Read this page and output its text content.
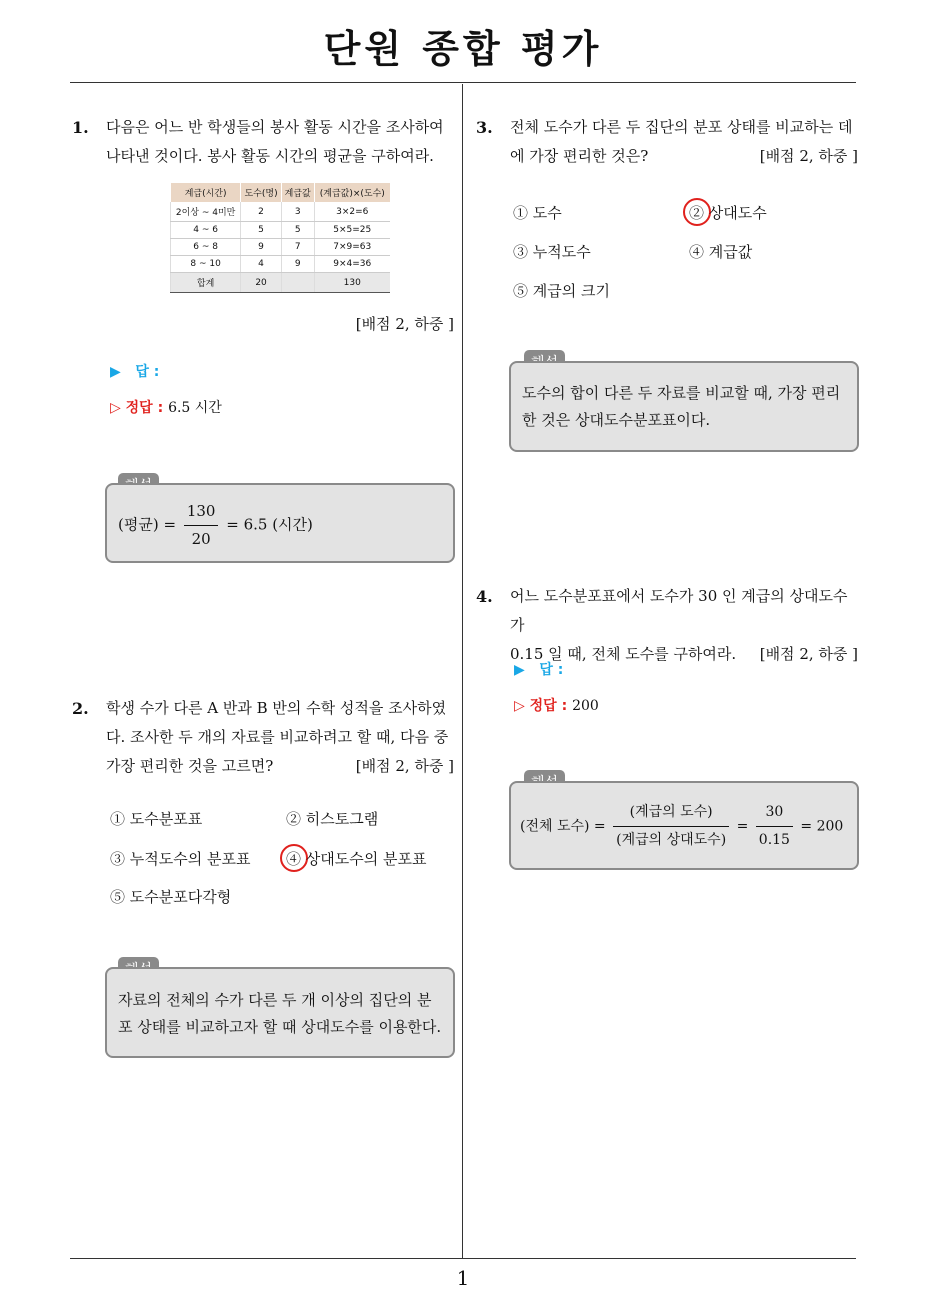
단원 종합 평가
1. 다음은 어느 반 학생들의 봉사 활동 시간을 조사하여
나타낸 것이다. 봉사 활동 시간의 평균을 구하여라.
계급(시간)	도수(명)	계급값	(계급값)×(도수)
2이상 ~ 4미만	2	3	3×2=6
4 ~ 6	5	5	5×5=25
6 ~ 8	9	7	7×9=63
8 ~ 10	4	9	9×4=36
합계	20		130
[배점 2, 하중 ]
▶ 답 :
▷ 정답 : 6.5 시간
(평균) = $\frac{130}{20} = 6.5$ (시간)
2. 학생 수가 다른 A 반과 B 반의 수학 성적을 조사하였
다. 조사한 두 개의 자료를 비교하려고 할 때, 다음 중
가장 편리한 것을 고르면?	[배점 2, 하중 ]
① 도수분포표	② 히스토그램
③ 누적도수의 분포표 ④ 상대도수의 분포표
⑤ 도수분포다각형
자료의 전체의 수가 다른 두 개 이상의 집단의 분
포 상태를 비교하고자 할 때 상대도수를 이용한다.
3. 전체 도수가 다른 두 집단의 분포 상태를 비교하는 데
에 가장 편리한 것은?	[배점 2, 하중 ]
① 도수	② 상대도수
③ 누적도수	④ 계급값
⑤ 계급의 크기
도수의 합이 다른 두 자료를 비교할 때, 가장 편리
한 것은 상대도수분포표이다.
4. 어느 도수분포표에서 도수가 30 인 계급의 상대도수가
0.15 일 때, 전체 도수를 구하여라. [배점 2, 하중 ]
▶ 답 :
▷ 정답 : 200
(전체 도수) = $\frac{\text{(계급의 도수)}}{\text{(계급의 상대도수)}} = \frac{30}{0.15} = 200$
1
